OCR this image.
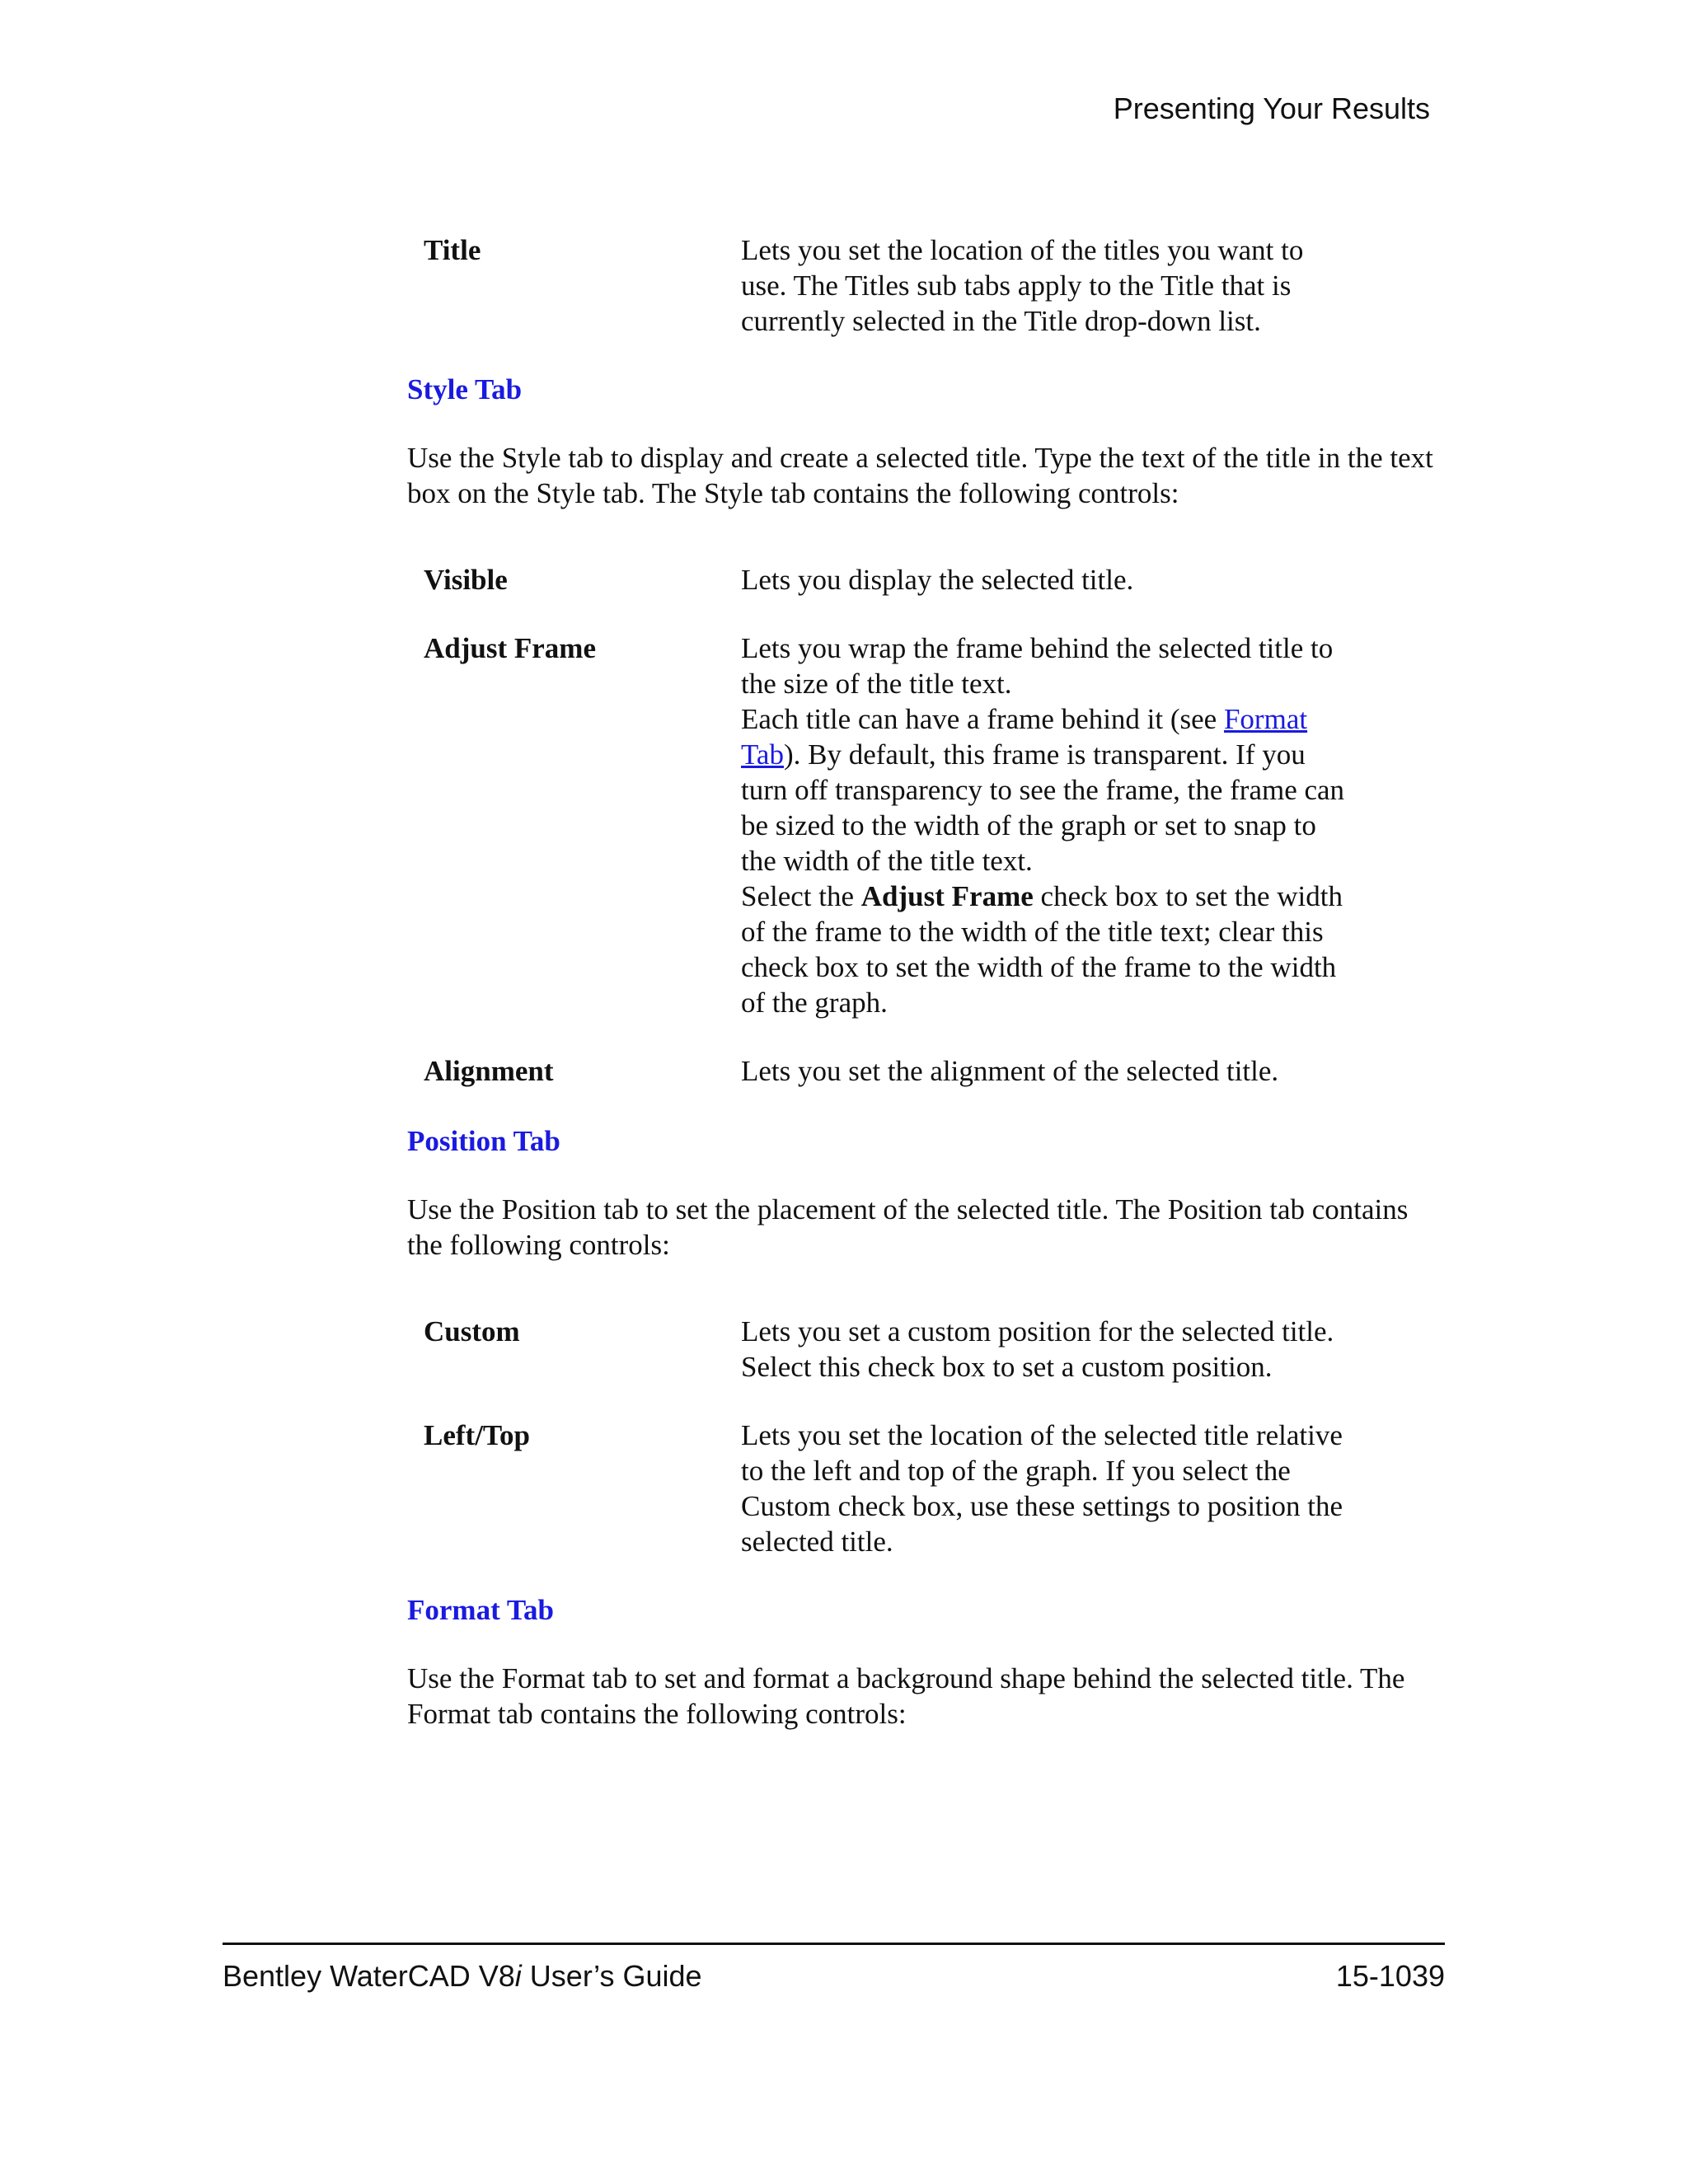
Presenting Your Results
Title	Lets you set the location of the titles you want to use. The Titles sub tabs apply to the Title that is currently selected in the Title drop-down list.
Style Tab

Use the Style tab to display and create a selected title. Type the text of the title in the text box on the Style tab. The Style tab contains the following controls:

Visible	Lets you display the selected title.
Adjust Frame	Lets you wrap the frame behind the selected title to the size of the title text.

Each title can have a frame behind it (see Format Tab). By default, this frame is transparent. If you turn off transparency to see the frame, the frame can be sized to the width of the graph or set to snap to the width of the title text.

Select the Adjust Frame check box to set the width of the frame to the width of the title text; clear this check box to set the width of the frame to the width of the graph.

Alignment	Lets you set the alignment of the selected title.
Position Tab

Use the Position tab to set the placement of the selected title. The Position tab contains the following controls:

Custom	Lets you set a custom position for the selected title. Select this check box to set a custom position.
Left/Top	Lets you set the location of the selected title relative to the left and top of the graph. If you select the Custom check box, use these settings to position the selected title.
Format Tab

Use the Format tab to set and format a background shape behind the selected title. The Format tab contains the following controls:

Bentley WaterCAD V8i User’s Guide	15-1039
